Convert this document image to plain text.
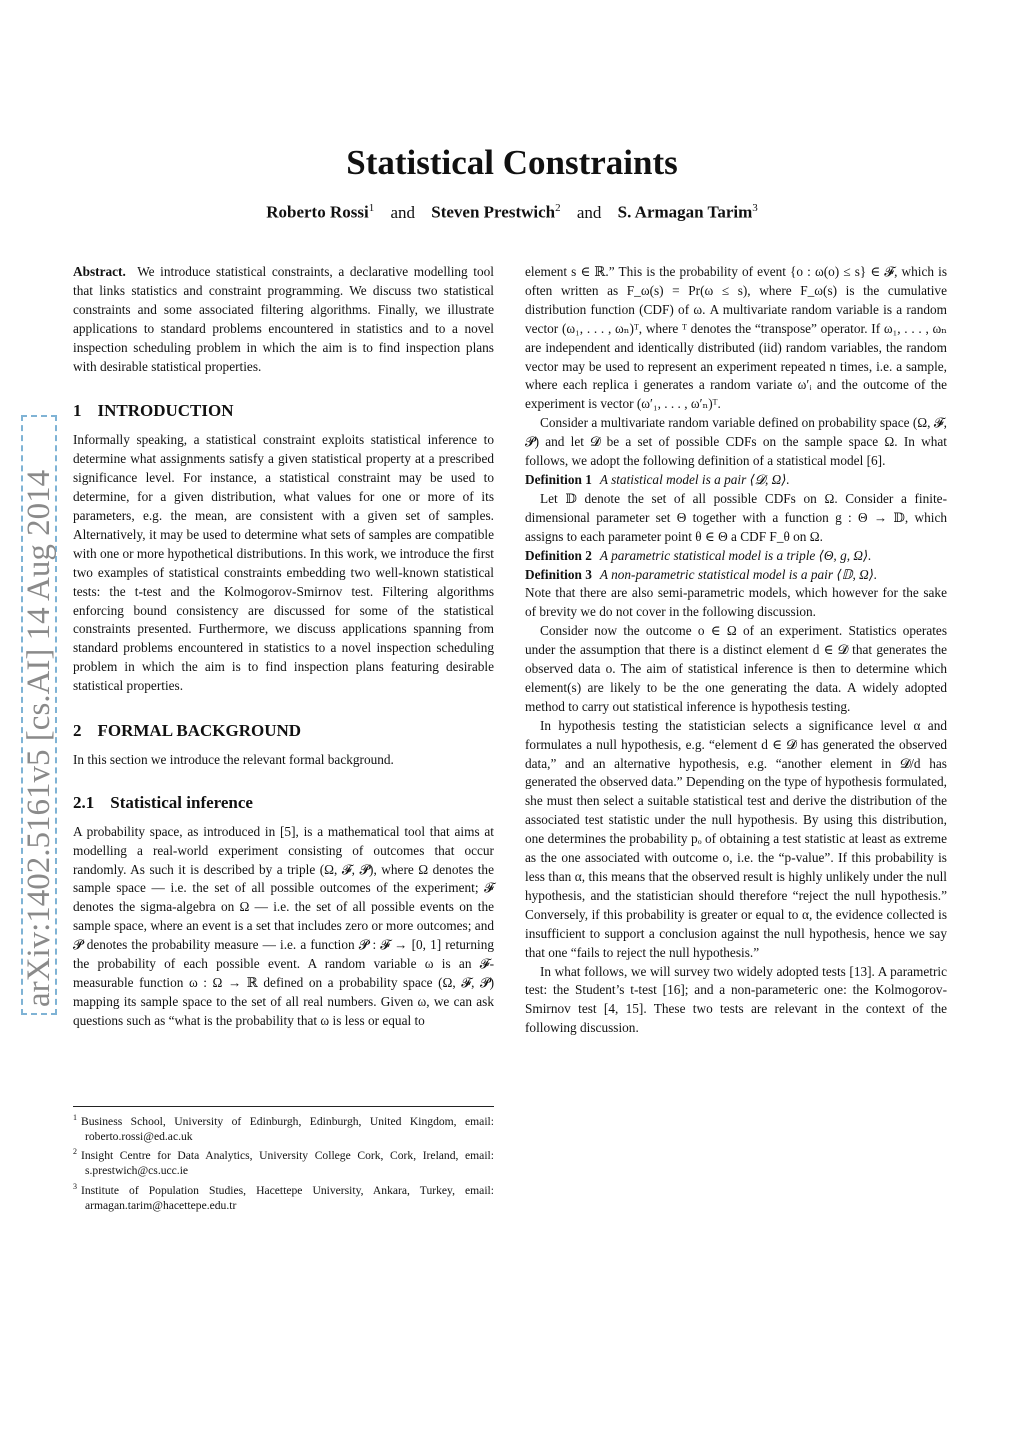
Statistical Constraints
Roberto Rossi$^1$ and Steven Prestwich$^2$ and S. Armagan Tarim$^3$
arXiv:1402.5161v5 [cs.AI] 14 Aug 2014

Abstract. We introduce statistical constraints, a declarative modelling tool that links statistics and constraint programming. We discuss two statistical constraints and some associated filtering algorithms. Finally, we illustrate applications to standard problems encountered in statistics and to a novel inspection scheduling problem in which the aim is to find inspection plans with desirable statistical properties.

1 INTRODUCTION

Informally speaking, a statistical constraint exploits statistical inference to determine what assignments satisfy a given statistical property at a prescribed significance level. For instance, a statistical constraint may be used to determine, for a given distribution, what values for one or more of its parameters, e.g. the mean, are consistent with a given set of samples. Alternatively, it may be used to determine what sets of samples are compatible with one or more hypothetical distributions. In this work, we introduce the first two examples of statistical constraints embedding two well-known statistical tests: the t-test and the Kolmogorov-Smirnov test. Filtering algorithms enforcing bound consistency are discussed for some of the statistical constraints presented. Furthermore, we discuss applications spanning from standard problems encountered in statistics to a novel inspection scheduling problem in which the aim is to find inspection plans featuring desirable statistical properties.

2 FORMAL BACKGROUND

In this section we introduce the relevant formal background.

2.1 Statistical inference

A probability space, as introduced in [5], is a mathematical tool that aims at modelling a real-world experiment consisting of outcomes that occur randomly. As such it is described by a triple (Ω, 𝓕, 𝓟), where Ω denotes the sample space — i.e. the set of all possible outcomes of the experiment; 𝓕 denotes the sigma-algebra on Ω — i.e. the set of all possible events on the sample space, where an event is a set that includes zero or more outcomes; and 𝓟 denotes the probability measure — i.e. a function 𝓟 : 𝓕 → [0, 1] returning the probability of each possible event. A random variable ω is an 𝓕-measurable function ω : Ω → ℝ defined on a probability space (Ω, 𝓕, 𝓟) mapping its sample space to the set of all real numbers. Given ω, we can ask questions such as “what is the probability that ω is less or equal to

$^1$ Business School, University of Edinburgh, Edinburgh, United Kingdom, email: roberto.rossi@ed.ac.uk
$^2$ Insight Centre for Data Analytics, University College Cork, Cork, Ireland, email: s.prestwich@cs.ucc.ie
$^3$ Institute of Population Studies, Hacettepe University, Ankara, Turkey, email: armagan.tarim@hacettepe.edu.tr

element s ∈ ℝ.” This is the probability of event {o : ω(o) ≤ s} ∈ 𝓕, which is often written as F_ω(s) = Pr(ω ≤ s), where F_ω(s) is the cumulative distribution function (CDF) of ω. A multivariate random variable is a random vector (ω₁, . . . , ωₙ)ᵀ, where ᵀ denotes the “transpose” operator. If ω₁, . . . , ωₙ are independent and identically distributed (iid) random variables, the random vector may be used to represent an experiment repeated n times, i.e. a sample, where each replica i generates a random variate ω′ᵢ and the outcome of the experiment is vector (ω′₁, . . . , ω′ₙ)ᵀ.

Consider a multivariate random variable defined on probability space (Ω, 𝓕, 𝓟) and let 𝓓 be a set of possible CDFs on the sample space Ω. In what follows, we adopt the following definition of a statistical model [6].

Definition 1 A statistical model is a pair ⟨𝓓, Ω⟩.

Let 𝔻 denote the set of all possible CDFs on Ω. Consider a finite-dimensional parameter set Θ together with a function g : Θ → 𝔻, which assigns to each parameter point θ ∈ Θ a CDF F_θ on Ω.

Definition 2 A parametric statistical model is a triple ⟨Θ, g, Ω⟩.

Definition 3 A non-parametric statistical model is a pair ⟨𝔻, Ω⟩.

Note that there are also semi-parametric models, which however for the sake of brevity we do not cover in the following discussion.

Consider now the outcome o ∈ Ω of an experiment. Statistics operates under the assumption that there is a distinct element d ∈ 𝓓 that generates the observed data o. The aim of statistical inference is then to determine which element(s) are likely to be the one generating the data. A widely adopted method to carry out statistical inference is hypothesis testing.

In hypothesis testing the statistician selects a significance level α and formulates a null hypothesis, e.g. “element d ∈ 𝓓 has generated the observed data,” and an alternative hypothesis, e.g. “another element in 𝓓/d has generated the observed data.” Depending on the type of hypothesis formulated, she must then select a suitable statistical test and derive the distribution of the associated test statistic under the null hypothesis. By using this distribution, one determines the probability pₒ of obtaining a test statistic at least as extreme as the one associated with outcome o, i.e. the “p-value”. If this probability is less than α, this means that the observed result is highly unlikely under the null hypothesis, and the statistician should therefore “reject the null hypothesis.” Conversely, if this probability is greater or equal to α, the evidence collected is insufficient to support a conclusion against the null hypothesis, hence we say that one “fails to reject the null hypothesis.”

In what follows, we will survey two widely adopted tests [13]. A parametric test: the Student’s t-test [16]; and a non-parameteric one: the Kolmogorov-Smirnov test [4, 15]. These two tests are relevant in the context of the following discussion.
